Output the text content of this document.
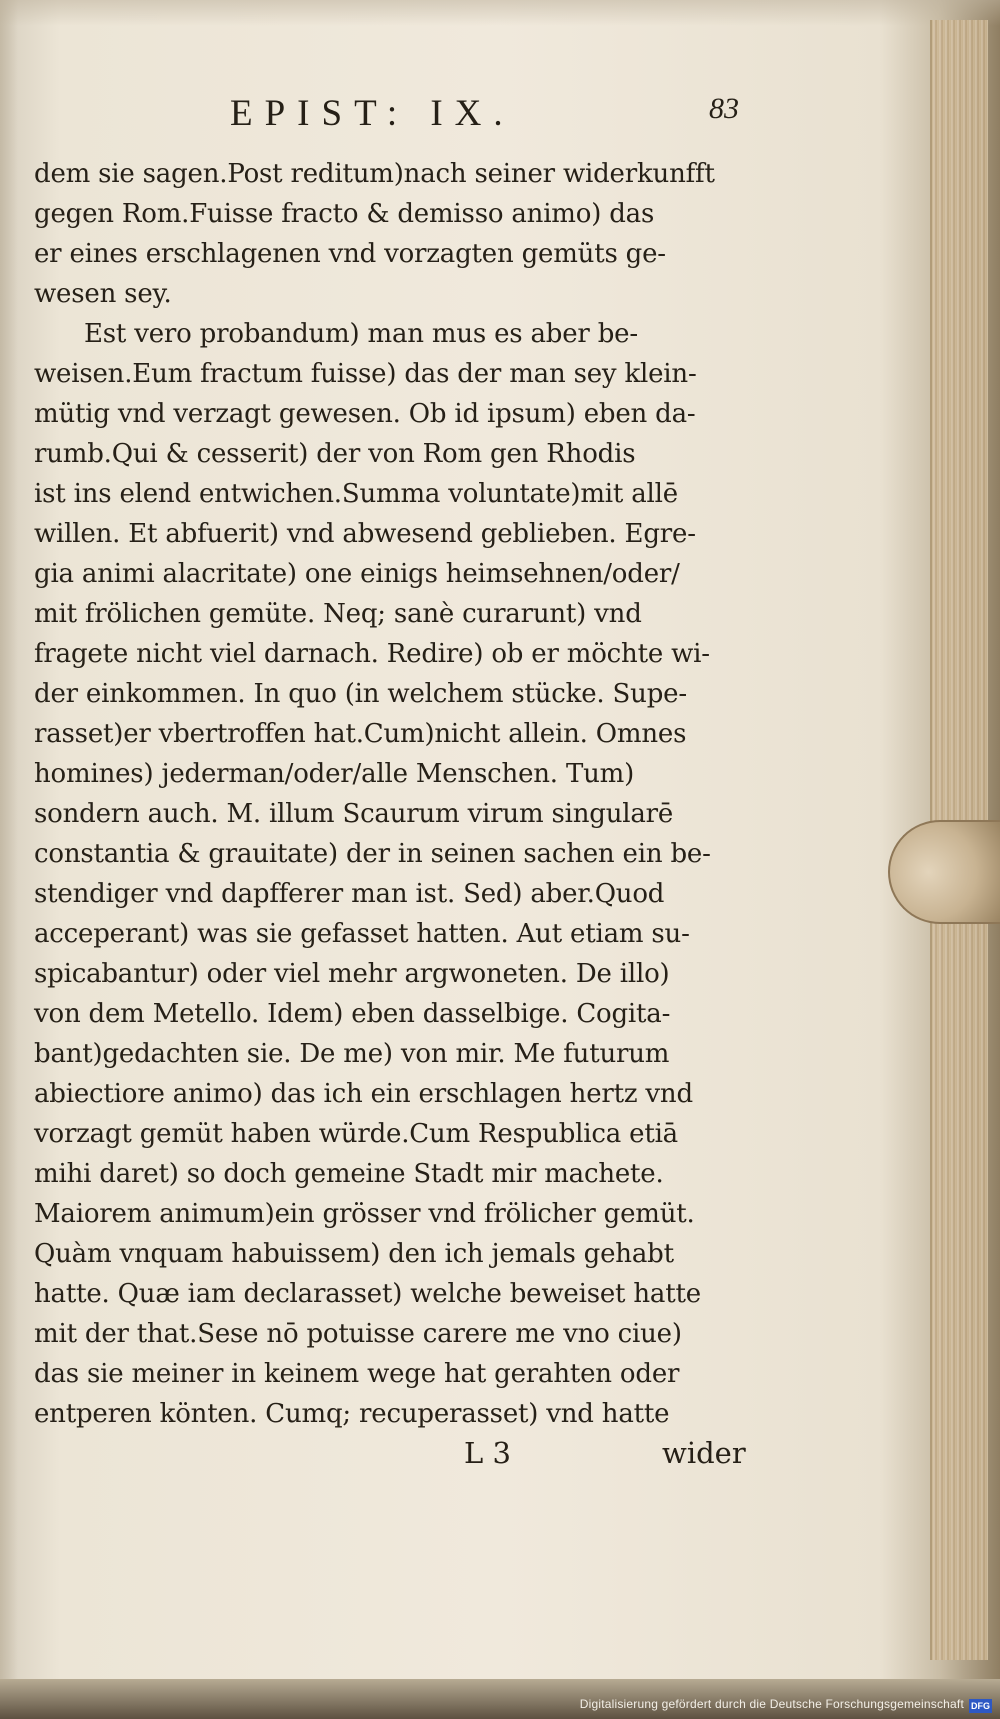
EPIST: IX.	83
dem sie sagen.Post reditum)nach seiner widerkunfft
gegen Rom.Fuisse fracto & demisso animo) das
er eines erschlagenen vnd vorzagten gemüts ge-
wesen sey.
Est vero probandum) man mus es aber be-
weisen.Eum fractum fuisse) das der man sey klein-
mütig vnd verzagt gewesen. Ob id ipsum) eben da-
rumb.Qui & cesserit) der von Rom gen Rhodis
ist ins elend entwichen.Summa voluntate)mit allē
willen. Et abfuerit) vnd abwesend geblieben. Egre-
gia animi alacritate) one einigs heimsehnen/oder/
mit frölichen gemüte. Neq; sanè curarunt) vnd
fragete nicht viel darnach. Redire) ob er möchte wi-
der einkommen. In quo (in welchem stücke. Supe-
rasset)er vbertroffen hat.Cum)nicht allein. Omnes
homines) jederman/oder/alle Menschen. Tum)
sondern auch. M. illum Scaurum virum singularē
constantia & grauitate) der in seinen sachen ein be-
stendiger vnd dapfferer man ist. Sed) aber.Quod
acceperant) was sie gefasset hatten. Aut etiam su-
spicabantur) oder viel mehr argwoneten. De illo)
von dem Metello. Idem) eben dasselbige. Cogita-
bant)gedachten sie. De me) von mir. Me futurum
abiectiore animo) das ich ein erschlagen hertz vnd
vorzagt gemüt haben würde.Cum Respublica etiā
mihi daret) so doch gemeine Stadt mir machete.
Maiorem animum)ein grösser vnd frölicher gemüt.
Quàm vnquam habuissem) den ich jemals gehabt
hatte. Quæ iam declarasset) welche beweiset hatte
mit der that.Sese nō potuisse carere me vno ciue)
das sie meiner in keinem wege hat gerahten oder
entperen könten. Cumq; recuperasset) vnd hatte
L 3	wider
Digitalisierung gefördert durch die Deutsche Forschungsgemeinschaft DFG
